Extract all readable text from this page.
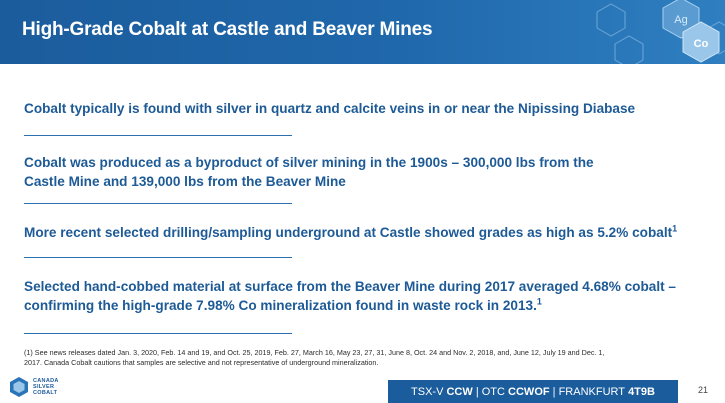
High-Grade Cobalt at Castle and Beaver Mines	Ag
Co
Cobalt typically is found with silver in quartz and calcite veins in or near the Nipissing Diabase
Cobalt was produced as a byproduct of silver mining in the 1900s – 300,000 lbs from the
Castle Mine and 139,000 lbs from the Beaver Mine
More recent selected drilling/sampling underground at Castle showed grades as high as 5.2% cobalt$^1$
Selected hand-cobbed material at surface from the Beaver Mine during 2017 averaged 4.68% cobalt –
confirming the high-grade 7.98% Co mineralization found in waste rock in 2013.$^1$
(1) See news releases dated Jan. 3, 2020, Feb. 14 and 19, and Oct. 25, 2019, Feb. 27, March 16, May 23, 27, 31, June 8, Oct. 24 and Nov. 2, 2018, and, June 12, July 19 and Dec. 1,
2017. Canada Cobalt cautions that samples are selective and not representative of underground mineralization.
CANADA
SILVER
COBALT	TSX-V
CCW | OTC
CCWOF | FRANKFURT
4T9B	21
